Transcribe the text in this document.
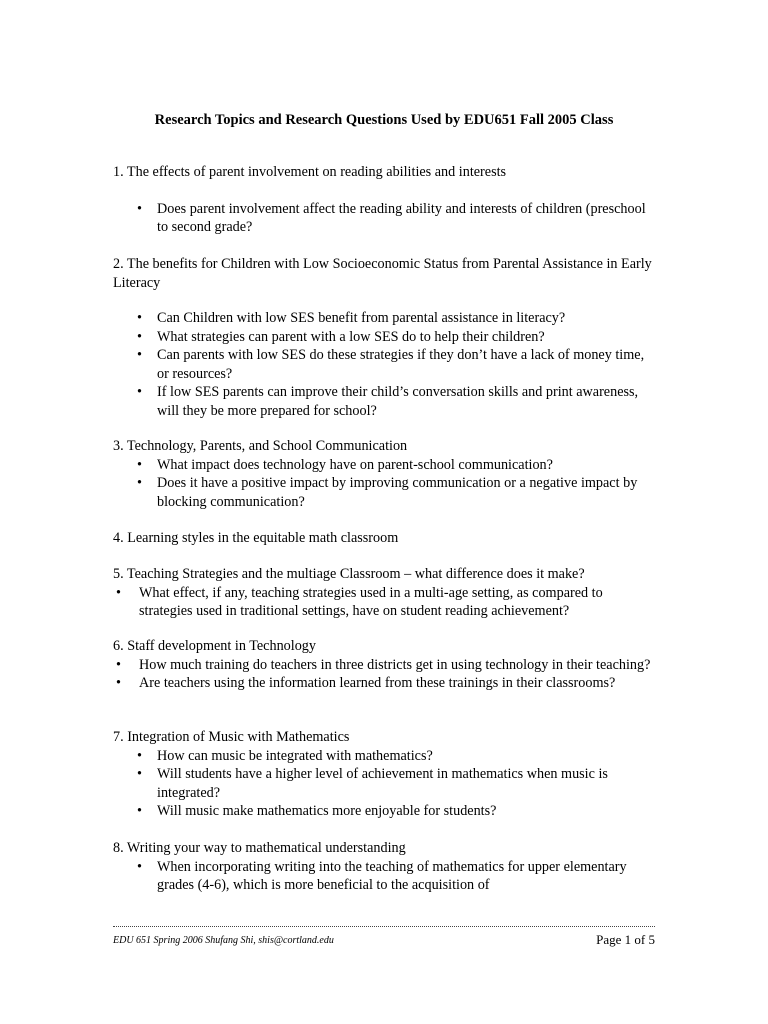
Research Topics and Research Questions Used by EDU651 Fall 2005 Class

1. The effects of parent involvement on reading abilities and interests

• Does parent involvement affect the reading ability and interests of children (preschool to second grade?

2. The benefits for Children with Low Socioeconomic Status from Parental Assistance in Early Literacy

• Can Children with low SES benefit from parental assistance in literacy?
• What strategies can parent with a low SES do to help their children?
• Can parents with low SES do these strategies if they don’t have a lack of money time, or resources?
• If low SES parents can improve their child’s conversation skills and print awareness, will they be more prepared for school?

3. Technology, Parents, and School Communication

• What impact does technology have on parent-school communication?
• Does it have a positive impact by improving communication or a negative impact by blocking communication?

4. Learning styles in the equitable math classroom

5. Teaching Strategies and the multiage Classroom – what difference does it make?

• What effect, if any, teaching strategies used in a multi-age setting, as compared to strategies used in traditional settings, have on student reading achievement?

6. Staff development in Technology

• How much training do teachers in three districts get in using technology in their teaching?
• Are teachers using the information learned from these trainings in their classrooms?

7. Integration of Music with Mathematics

• How can music be integrated with mathematics?
• Will students have a higher level of achievement in mathematics when music is integrated?
• Will music make mathematics more enjoyable for students?

8. Writing your way to mathematical understanding

• When incorporating writing into the teaching of mathematics for upper elementary grades (4-6), which is more beneficial to the acquisition of
EDU 651 Spring 2006 Shufang Shi, shis@cortland.edu	Page 1 of 5
